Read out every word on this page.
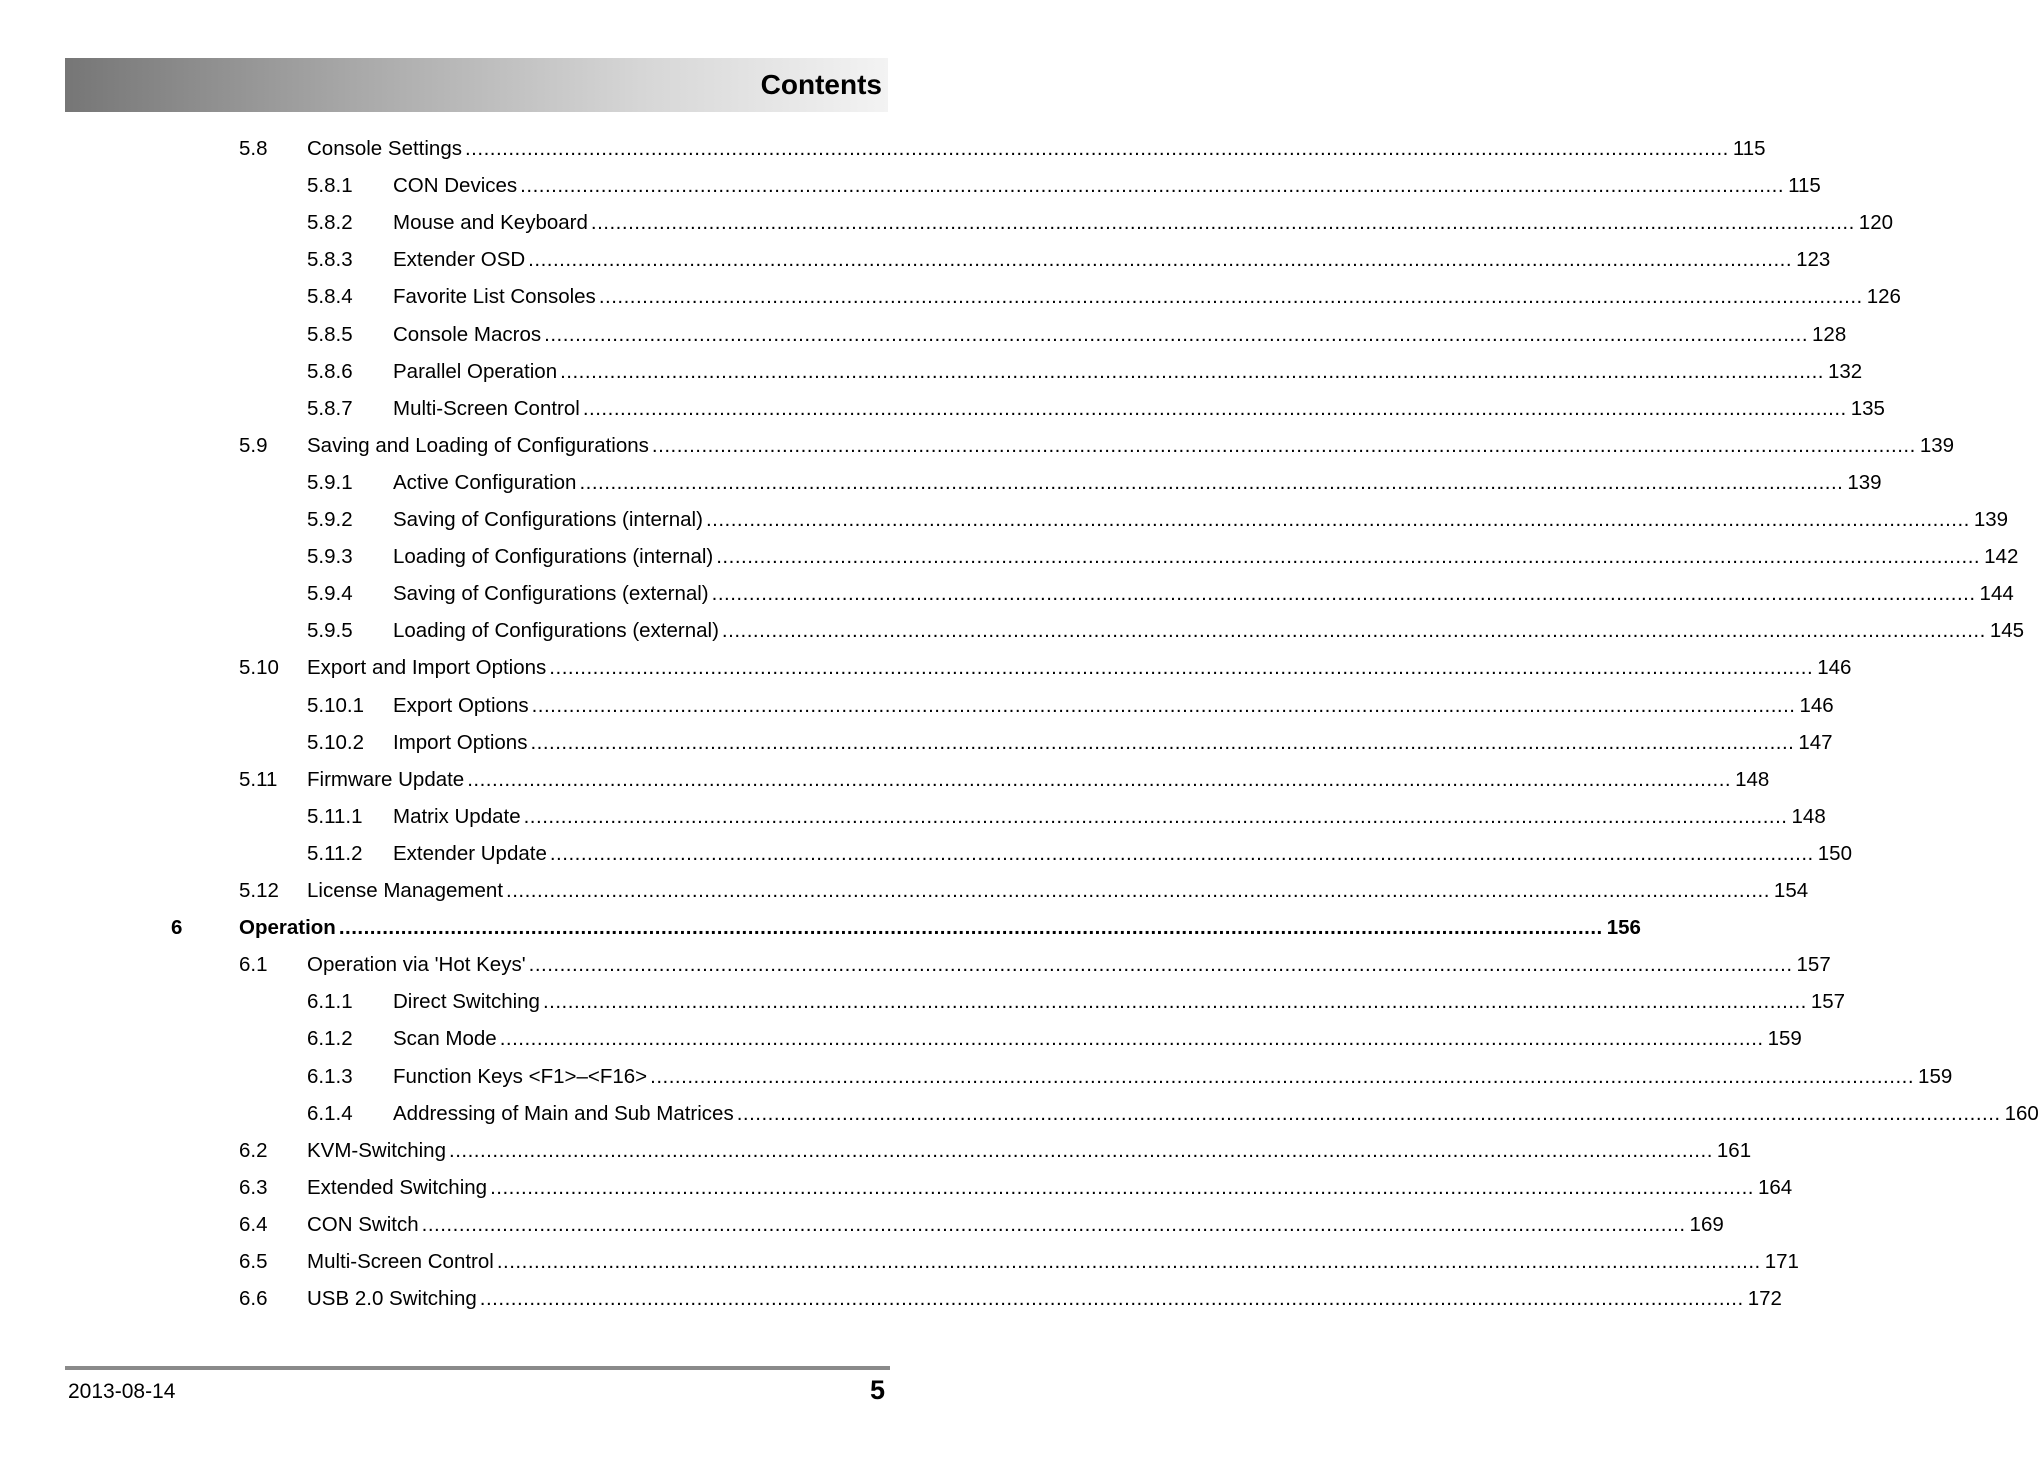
Contents
5.8 Console Settings ............................................................................................................................................................................................................ 115
5.8.1 CON Devices ............................................................................................................................................................................................................ 115
5.8.2 Mouse and Keyboard ............................................................................................................................................................................................................ 120
5.8.3 Extender OSD ............................................................................................................................................................................................................ 123
5.8.4 Favorite List Consoles ............................................................................................................................................................................................................ 126
5.8.5 Console Macros ............................................................................................................................................................................................................ 128
5.8.6 Parallel Operation ............................................................................................................................................................................................................ 132
5.8.7 Multi-Screen Control ............................................................................................................................................................................................................ 135
5.9 Saving and Loading of Configurations ............................................................................................................................................................................................................ 139
5.9.1 Active Configuration ............................................................................................................................................................................................................ 139
5.9.2 Saving of Configurations (internal) ............................................................................................................................................................................................................ 139
5.9.3 Loading of Configurations (internal) ............................................................................................................................................................................................................ 142
5.9.4 Saving of Configurations (external) ............................................................................................................................................................................................................ 144
5.9.5 Loading of Configurations (external) ............................................................................................................................................................................................................ 145
5.10 Export and Import Options ............................................................................................................................................................................................................ 146
5.10.1 Export Options ............................................................................................................................................................................................................ 146
5.10.2 Import Options ............................................................................................................................................................................................................ 147
5.11 Firmware Update ............................................................................................................................................................................................................ 148
5.11.1 Matrix Update ............................................................................................................................................................................................................ 148
5.11.2 Extender Update ............................................................................................................................................................................................................ 150
5.12 License Management ............................................................................................................................................................................................................ 154
6	Operation ............................................................................................................................................................................................................ 156
6.1 Operation via 'Hot Keys' ............................................................................................................................................................................................................ 157
6.1.1 Direct Switching ............................................................................................................................................................................................................ 157
6.1.2 Scan Mode ............................................................................................................................................................................................................ 159
6.1.3 Function Keys <F1>–<F16> ............................................................................................................................................................................................................ 159
6.1.4 Addressing of Main and Sub Matrices ............................................................................................................................................................................................................ 160
6.2 KVM-Switching ............................................................................................................................................................................................................ 161
6.3 Extended Switching ............................................................................................................................................................................................................ 164
6.4 CON Switch ............................................................................................................................................................................................................ 169
6.5 Multi-Screen Control ............................................................................................................................................................................................................ 171
6.6 USB 2.0 Switching ............................................................................................................................................................................................................ 172
2013-08-14	5
